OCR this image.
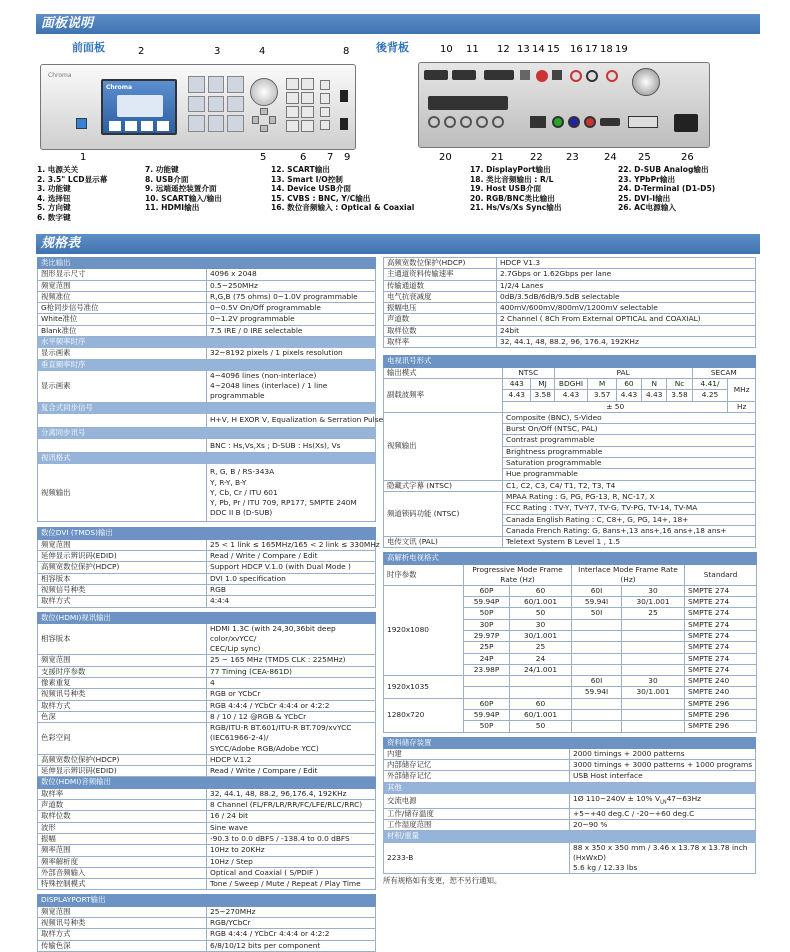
面板说明
前面板	後背板
Chroma
Chroma
2	3	4	8
1	5	6 7 9
10 11 12 13 14 15 16 17 18 19
20	21	22 23	24 25	26
1. 电源关关
2. 3.5" LCD显示幕
3. 功能键
4. 选择钮
5. 方向键
6. 数字键
7. 功能键
8. USB介面
9. 远端遥控装置介面
10. SCART输入/输出
11. HDMI输出
12. SCART输出
13. Smart I/O控制
14. Device USB介面
15. CVBS : BNC, Y/C输出
16. 数位音频输入 : Optical & Coaxial
17. DisplayPort输出
18. 类比音频输出 : R/L
19. Host USB介面
20. RGB/BNC类比输出
21. Hs/Vs/Xs Sync输出
22. D-SUB Analog输出
23. YPbPr输出
24. D-Terminal (D1-D5)
25. DVI-I输出
26. AC电源输入
规格表
类比输出	
图形显示尺寸	4096 x 2048
频宽范围	0.5~250MHz
视频准位	R,G,B (75 ohms) 0~1.0V programmable
G枪同步信号准位	0~0.5V On/Off programmable
White准位	0~1.2V programmable
Blank准位	7.5 IRE / 0 IRE selectable
水平频率时序	
显示画素	32~8192 pixels / 1 pixels resolution
垂直频率时序	
显示画素	4~4096 lines (non-interlace)
4~2048 lines (interlace) / 1 line programmable
复合式同步信号	
	H+V, H EXOR V, Equalization & Serration Pulse
分离同步讯号	
	BNC : Hs,Vs,Xs ; D-SUB : Hs(Xs), Vs
视讯格式	
视频输出	R, G, B / RS-343A
Y, R-Y, B-Y
Y, Cb, Cr / ITU 601
Y, Pb, Pr / ITU 709, RP177, SMPTE 240M
DDC II B (D-SUB)
数位DVI (TMDS)输出	
频宽范围	25 < 1 link ≤ 165MHz/165 < 2 link ≤ 330MHz
延伸显示辨识码(EDID)	Read / Write / Compare / Edit
高频宽数位保护(HDCP)	Support HDCP V.1.0 (with Dual Mode )
相容版本	DVI 1.0 specification
视频信号种类	RGB
取样方式	4:4:4
数位(HDMI)视讯输出	
相容版本	HDMI 1.3C (with 24,30,36bit deep color/xvYCC/
CEC/Lip sync)
频宽范围	25 ~ 165 MHz (TMDS CLK : 225MHz)
支援时序参数	77 Timing (CEA-861D)
像素重复	4
视频讯号种类	RGB or YCbCr
取样方式	RGB 4:4:4 / YCbCr 4:4:4 or 4:2:2
色深	8 / 10 / 12 @RGB & YCbCr
色彩空间	RGB/ITU-R BT.601/ITU-R BT.709/xvYCC (IEC61966-2-4)/
SYCC/Adobe RGB/Adobe YCC)
高频宽数位保护(HDCP)	HDCP V.1.2
延伸显示辨识码(EDID)	Read / Write / Compare / Edit
数位(HDMI)音频输出	
取样率	32, 44.1, 48, 88.2, 96,176.4, 192KHz
声道数	8 Channel (FL/FR/LR/RR/FC/LFE/RLC/RRC)
取样位数	16 / 24 bit
波形	Sine wave
振幅	-90.3 to 0.0 dBFS / -138.4 to 0.0 dBFS
频率范围	10Hz to 20KHz
频率解析度	10Hz / Step
外部音频输入	Optical and Coaxial ( S/PDIF )
特殊控制模式	Tone / Sweep / Mute / Repeat / Play Time
DISPLAYPORT输出	
频宽范围	25~270MHz
视频讯号种类	RGB/YCbCr
取样方式	RGB 4:4:4 / YCbCr 4:4:4 or 4:2:2
传输色深	6/8/10/12 bits per component
高频宽数位保护(HDCP)	HDCP V1.3
主通道资料传输速率	2.7Gbps or 1.62Gbps per lane
传输通道数	1/2/4 Lanes
电气抗衰减度	0dB/3.5dB/6dB/9.5dB selectable
振幅电压	400mV/600mV/800mV/1200mV selectable
声道数	2 Channel ( 8Ch From External OPTICAL and COAXIAL)
取样位数	24bit
取样率	32, 44.1, 48, 88.2, 96, 176.4, 192KHz
电视讯号形式									
输出模式	NTSC		PAL					SECAM	
副载波频率	443	MJ	BDGHI	M	60	N	Nc	4.41/	MHz
	4.43	3.58	4.43	3.57	4.43	4.43	3.58	4.25	
	± 50								Hz
视频输出	Composite (BNC), S-Video								
	Burst On/Off (NTSC, PAL)								
	Contrast programmable								
	Brightness programmable								
	Saturation programmable								
	Hue programmable								
隐藏式字幕 (NTSC)	C1, C2, C3, C4/ T1, T2, T3, T4								
频道锁码功能 (NTSC)	MPAA Rating : G, PG, PG-13, R, NC-17, X								
	FCC Rating : TV-Y, TV-Y7, TV-G, TV-PG, TV-14, TV-MA								
	Canada English Rating : C, C8+, G, PG, 14+, 18+								
	Canada French Rating: G, 8ans+,13 ans+,16 ans+,18 ans+								
电传文讯 (PAL)	Teletext System B Level 1 , 1.5								
高解析电视格式					
时序参数	Progressive Mode Frame Rate (Hz)		Interlace Mode Frame Rate (Hz)		Standard

1920x1080	60P	60	60I	30	SMPTE 274
	59.94P	60/1.001	59.94I	30/1.001	SMPTE 274
	50P	50	50I	25	SMPTE 274
	30P	30			SMPTE 274
	29.97P	30/1.001			SMPTE 274
	25P	25			SMPTE 274
	24P	24			SMPTE 274
	23.98P	24/1.001			SMPTE 274
1920x1035			60I	30	SMPTE 240
			59.94I	30/1.001	SMPTE 240
1280x720	60P	60			SMPTE 296
	59.94P	60/1.001			SMPTE 296
	50P	50			SMPTE 296
资料储存装置	
内建	2000 timings + 2000 patterns
内部储存记忆	3000 timings + 3000 patterns + 1000 programs
外部储存记忆	USB Host interface
其他	
交流电源	1Ø 110~240V ± 10% $V_{LN}47\sim 63Hz$
工作/储存温度	+5~+40 deg.C / -20~+60 deg.C
工作湿度范围	20~90 %
材积/重量	
2233-B	88 x 350 x 350 mm / 3.46 x 13.78 x 13.78 inch (HxWxD)
5.6 kg / 12.33 lbs
所有规格如有变更，恕不另行通知。
